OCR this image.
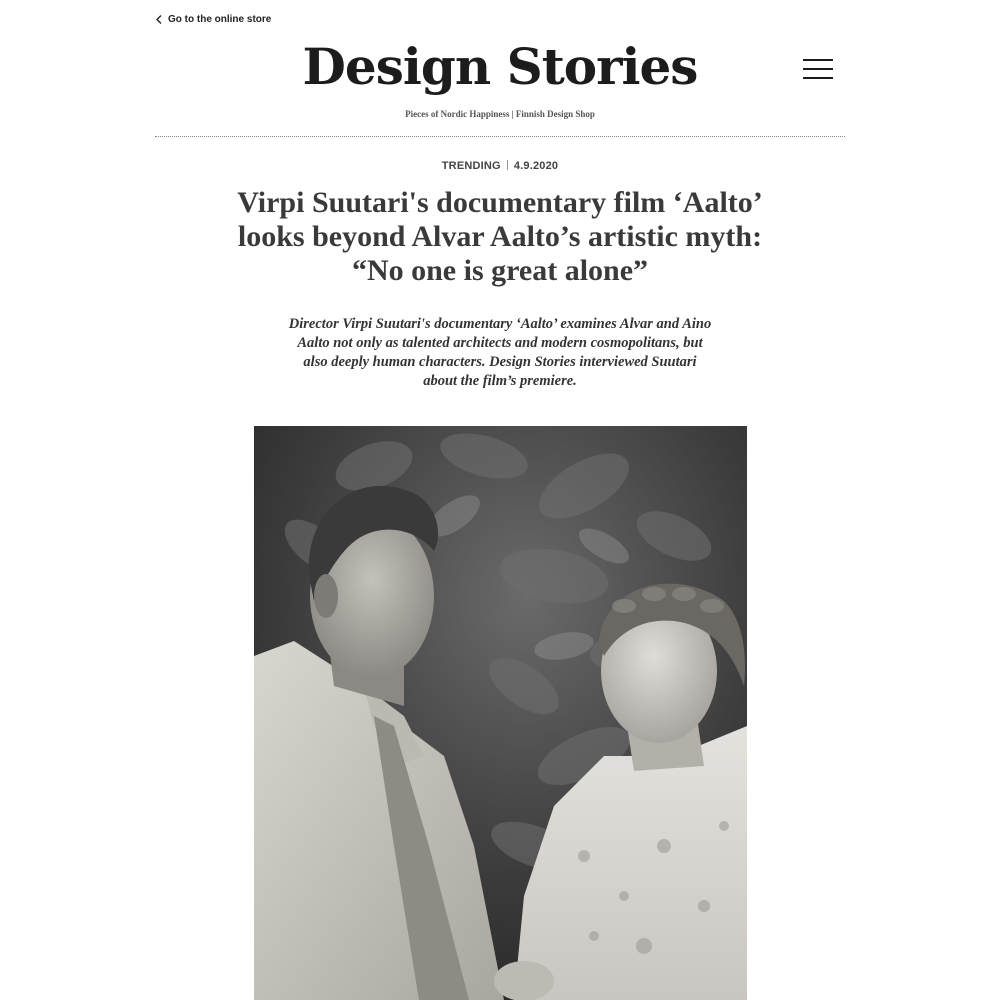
Go to the online store
Design Stories
Pieces of Nordic Happiness | Finnish Design Shop
TRENDING 4.9.2020
Virpi Suutari's documentary film ‘Aalto’ looks beyond Alvar Aalto’s artistic myth: “No one is great alone”

Director Virpi Suutari's documentary ‘Aalto’ examines Alvar and Aino Aalto not only as talented architects and modern cosmopolitans, but also deeply human characters. Design Stories interviewed Suutari about the film’s premiere.
